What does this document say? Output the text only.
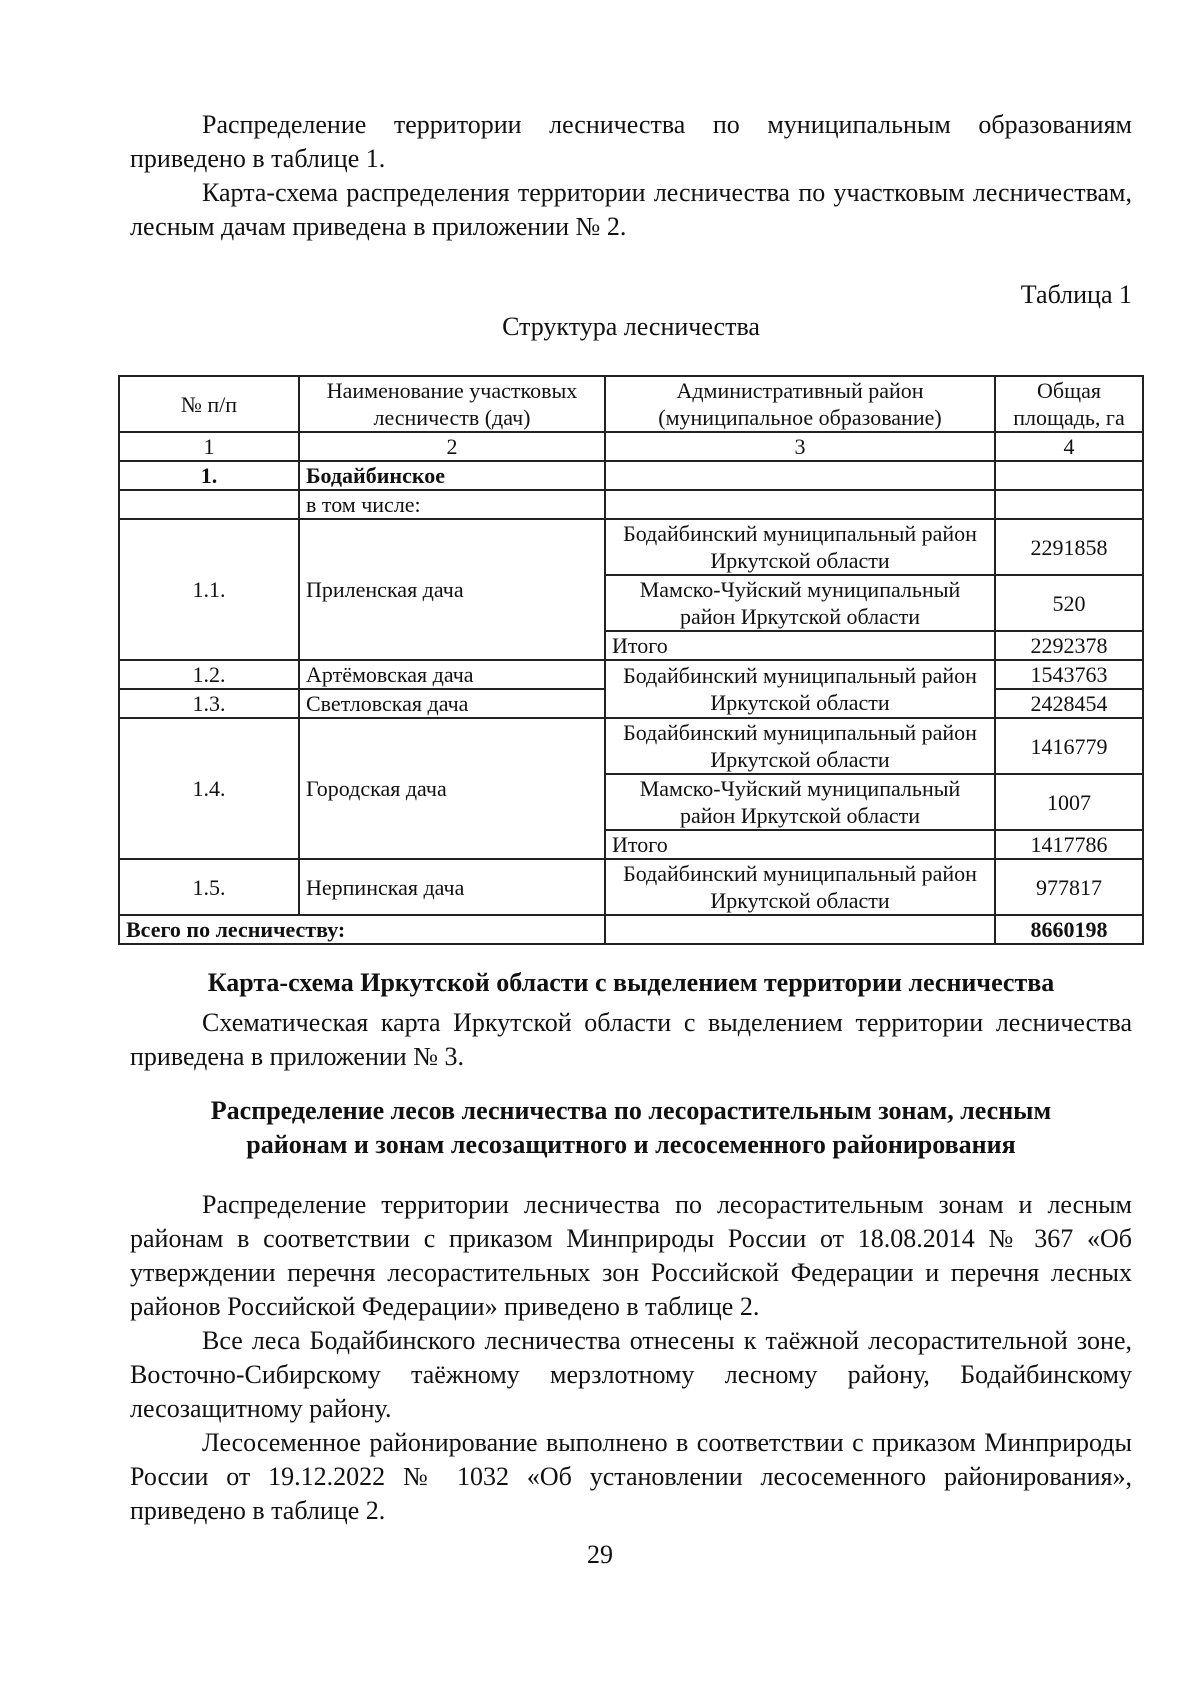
Распределение территории лесничества по муниципальным образованиям приведено в таблице 1.

Карта-схема распределения территории лесничества по участковым лесничествам, лесным дачам приведена в приложении № 2.

Таблица 1
Структура лесничества
№ п/п	Наименование участковых лесничеств (дач)	Административный район (муниципальное образование)	Общая площадь, га
1	2	3	4
1.	Бодайбинское		
	в том числе:		
1.1.	Приленская дача	Бодайбинский муниципальный район Иркутской области	2291858
		Мамско-Чуйский муниципальный район Иркутской области	520
		Итого	2292378
1.2.	Артёмовская дача	Бодайбинский муниципальный район Иркутской области	1543763
1.3.	Светловская дача		2428454
1.4.	Городская дача	Бодайбинский муниципальный район Иркутской области	1416779
		Мамско-Чуйский муниципальный район Иркутской области	1007
		Итого	1417786
1.5.	Нерпинская дача	Бодайбинский муниципальный район Иркутской области	977817
Всего по лесничеству:			8660198
Карта-схема Иркутской области с выделением территории лесничества

Схематическая карта Иркутской области с выделением территории лесничества приведена в приложении № 3.

Распределение лесов лесничества по лесорастительным зонам, лесным
районам и зонам лесозащитного и лесосеменного районирования

Распределение территории лесничества по лесорастительным зонам и лесным районам в соответствии с приказом Минприроды России от 18.08.2014 № 367 «Об утверждении перечня лесорастительных зон Российской Федерации и перечня лесных районов Российской Федерации» приведено в таблице 2.

Все леса Бодайбинского лесничества отнесены к таёжной лесорастительной зоне, Восточно-Сибирскому таёжному мерзлотному лесному району, Бодайбинскому лесозащитному району.

Лесосеменное районирование выполнено в соответствии с приказом Минприроды России от 19.12.2022 № 1032 «Об установлении лесосеменного районирования», приведено в таблице 2.

29
